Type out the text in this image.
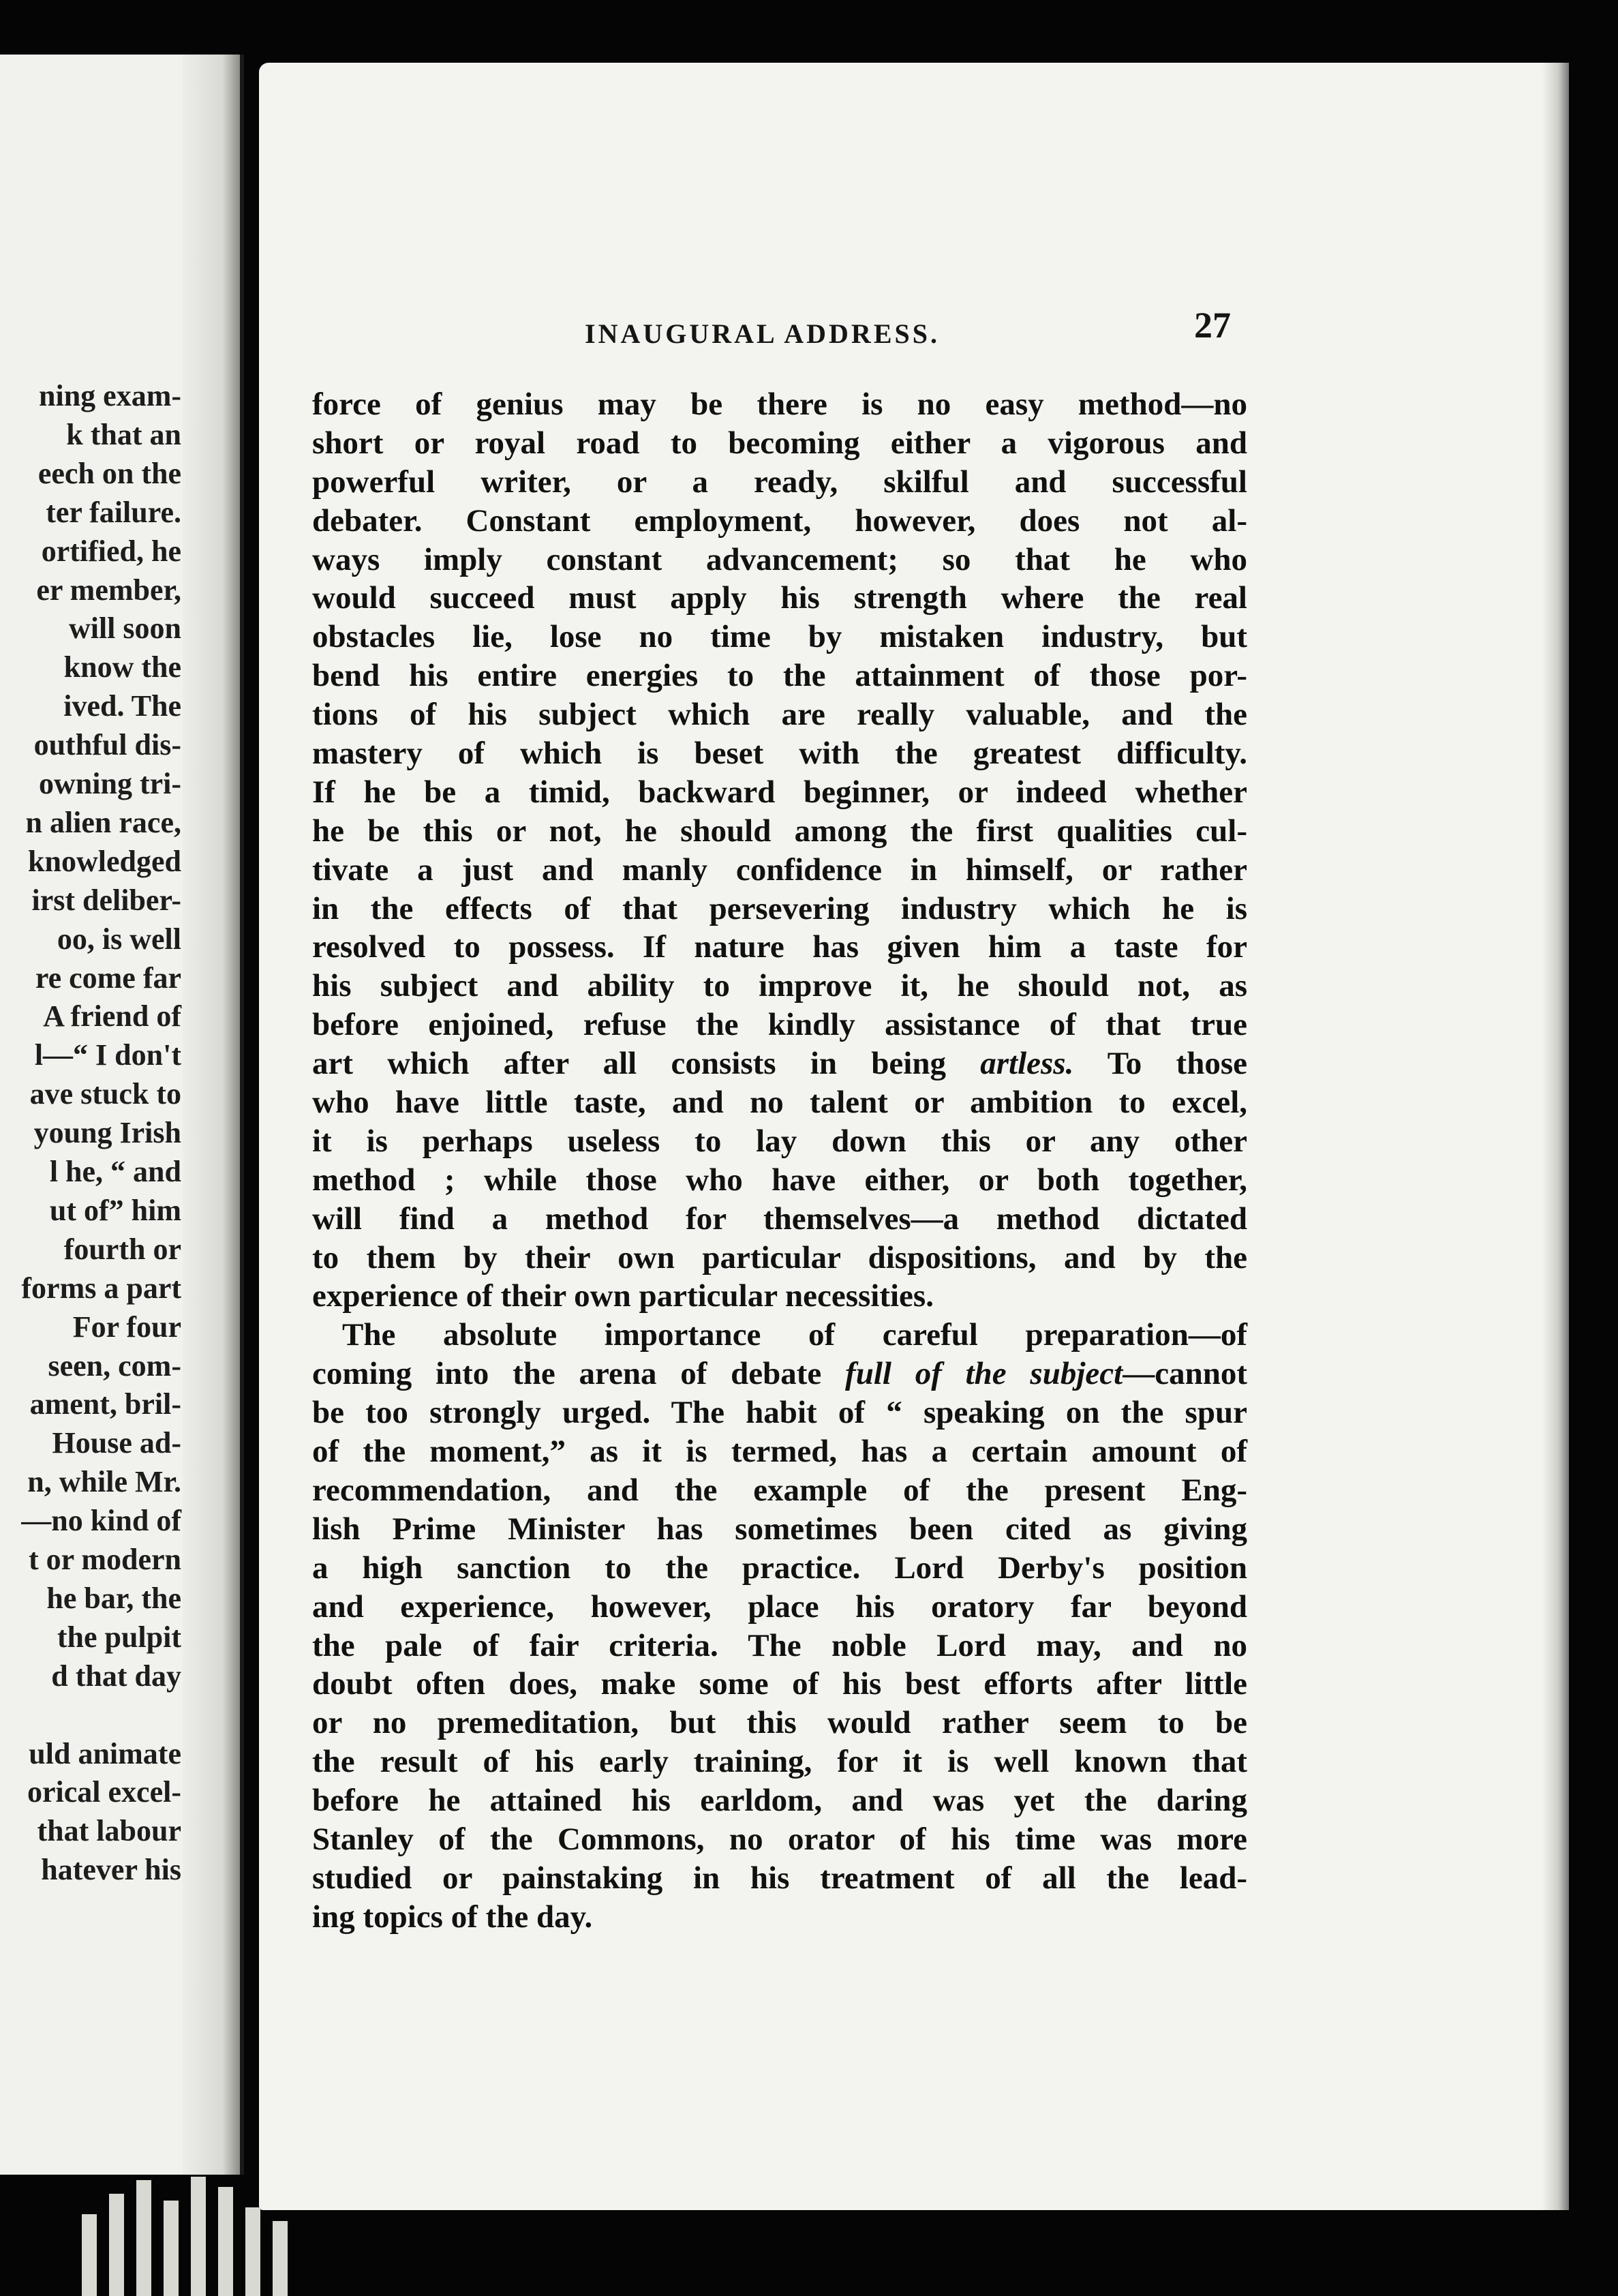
ning exam-
k that an
eech on the
ter failure.
ortified, he
er member,
will soon
know the
ived. The
outhful dis-
owning tri-
n alien race,
knowledged
irst deliber-
oo, is well
re come far
A friend of
l—“ I don't
ave stuck to
young Irish
l he, “ and
ut of” him
fourth or
forms a part
For four
seen, com-
ament, bril-
House ad-
n, while Mr.
—no kind of
t or modern
he bar, the
the pulpit
d that day
uld animate
orical excel-
that labour
hatever his
INAUGURAL ADDRESS.	27
force of genius may be there is no easy method—no
short or royal road to becoming either a vigorous and
powerful writer, or a ready, skilful and successful
debater. Constant employment, however, does not al-
ways imply constant advancement; so that he who
would succeed must apply his strength where the real
obstacles lie, lose no time by mistaken industry, but
bend his entire energies to the attainment of those por-
tions of his subject which are really valuable, and the
mastery of which is beset with the greatest difficulty.
If he be a timid, backward beginner, or indeed whether
he be this or not, he should among the first qualities cul-
tivate a just and manly confidence in himself, or rather
in the effects of that persevering industry which he is
resolved to possess. If nature has given him a taste for
his subject and ability to improve it, he should not, as
before enjoined, refuse the kindly assistance of that true
art which after all consists in being artless. To those
who have little taste, and no talent or ambition to excel,
it is perhaps useless to lay down this or any other
method ; while those who have either, or both together,
will find a method for themselves—a method dictated
to them by their own particular dispositions, and by the
experience of their own particular necessities.
The absolute importance of careful preparation—of
coming into the arena of debate full of the subject—cannot
be too strongly urged. The habit of “ speaking on the spur
of the moment,” as it is termed, has a certain amount of
recommendation, and the example of the present Eng-
lish Prime Minister has sometimes been cited as giving
a high sanction to the practice. Lord Derby's position
and experience, however, place his oratory far beyond
the pale of fair criteria. The noble Lord may, and no
doubt often does, make some of his best efforts after little
or no premeditation, but this would rather seem to be
the result of his early training, for it is well known that
before he attained his earldom, and was yet the daring
Stanley of the Commons, no orator of his time was more
studied or painstaking in his treatment of all the lead-
ing topics of the day.
